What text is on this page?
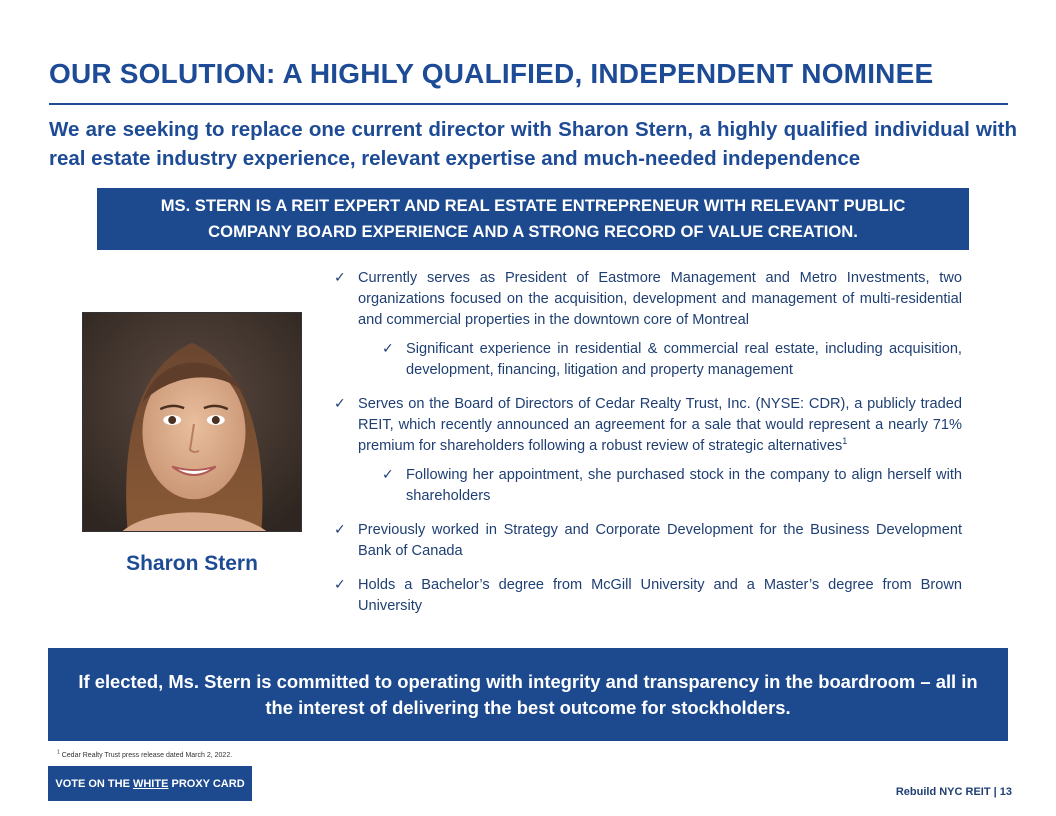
OUR SOLUTION: A HIGHLY QUALIFIED, INDEPENDENT NOMINEE
We are seeking to replace one current director with Sharon Stern, a highly qualified individual with real estate industry experience, relevant expertise and much-needed independence
MS. STERN IS A REIT EXPERT AND REAL ESTATE ENTREPRENEUR WITH RELEVANT PUBLIC
COMPANY BOARD EXPERIENCE AND A STRONG RECORD OF VALUE CREATION.
Sharon Stern
✓ Currently serves as President of Eastmore Management and Metro Investments, two organizations focused on the acquisition, development and management of multi-residential and commercial properties in the downtown core of Montreal
✓ Significant experience in residential & commercial real estate, including acquisition, development, financing, litigation and property management
✓ Serves on the Board of Directors of Cedar Realty Trust, Inc. (NYSE: CDR), a publicly traded REIT, which recently announced an agreement for a sale that would represent a nearly 71% premium for shareholders following a robust review of strategic alternatives$^1$
✓ Following her appointment, she purchased stock in the company to align herself with shareholders
✓ Previously worked in Strategy and Corporate Development for the Business Development Bank of Canada
✓ Holds a Bachelor’s degree from McGill University and a Master’s degree from Brown University
If elected, Ms. Stern is committed to operating with integrity and transparency in the boardroom – all in
the interest of delivering the best outcome for stockholders.
$^1$ Cedar Realty Trust press release dated March 2, 2022.
VOTE ON THE WHITE PROXY CARD
Rebuild NYC REIT | 13
